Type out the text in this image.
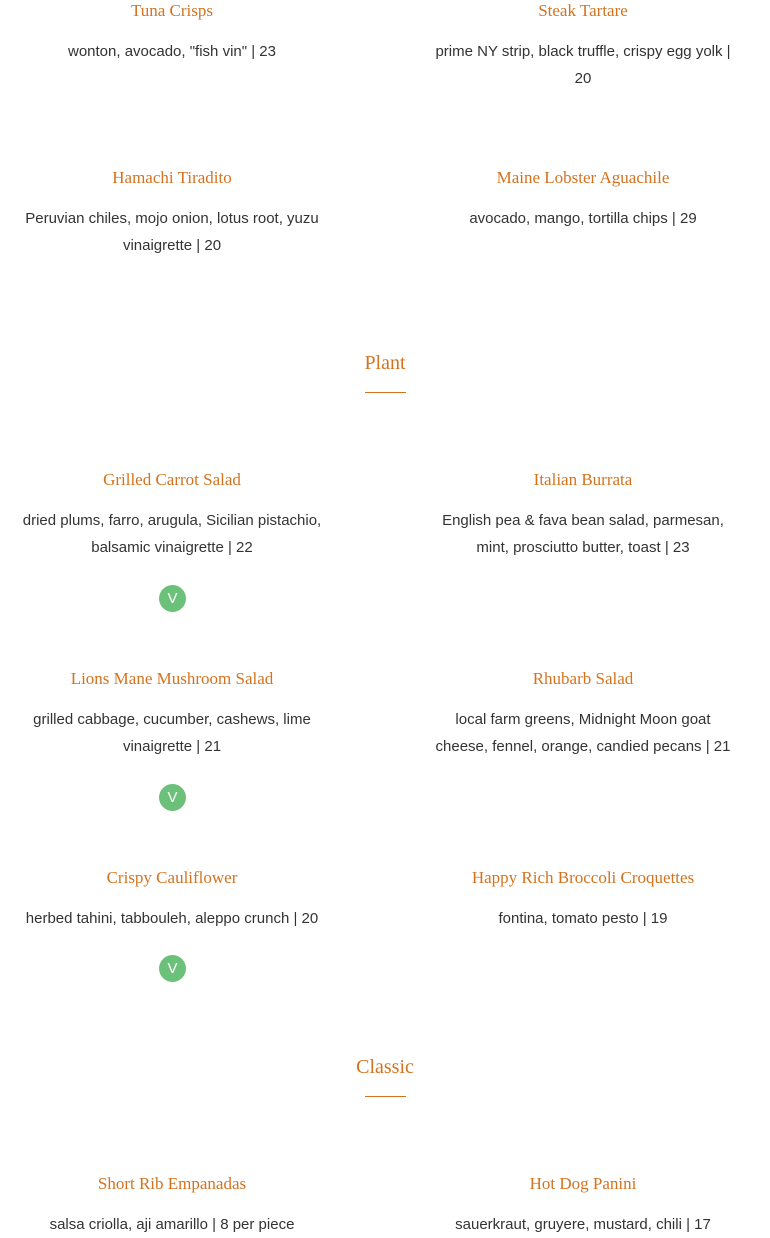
Tuna Crisps

wonton, avocado, "fish vin" | 23

Steak Tartare

prime NY strip, black truffle, crispy egg yolk | 20

Hamachi Tiradito

Peruvian chiles, mojo onion, lotus root, yuzu vinaigrette | 20

Maine Lobster Aguachile

avocado, mango, tortilla chips | 29

Plant

Grilled Carrot Salad

dried plums, farro, arugula, Sicilian pistachio, balsamic vinaigrette | 22

V

Italian Burrata

English pea & fava bean salad, parmesan, mint, prosciutto butter, toast | 23

Lions Mane Mushroom Salad

grilled cabbage, cucumber, cashews, lime vinaigrette | 21

V

Rhubarb Salad

local farm greens, Midnight Moon goat cheese, fennel, orange, candied pecans | 21

Crispy Cauliflower

herbed tahini, tabbouleh, aleppo crunch | 20

V

Happy Rich Broccoli Croquettes

fontina, tomato pesto | 19

Classic

Short Rib Empanadas

salsa criolla, aji amarillo | 8 per piece

Hot Dog Panini

sauerkraut, gruyere, mustard, chili | 17
